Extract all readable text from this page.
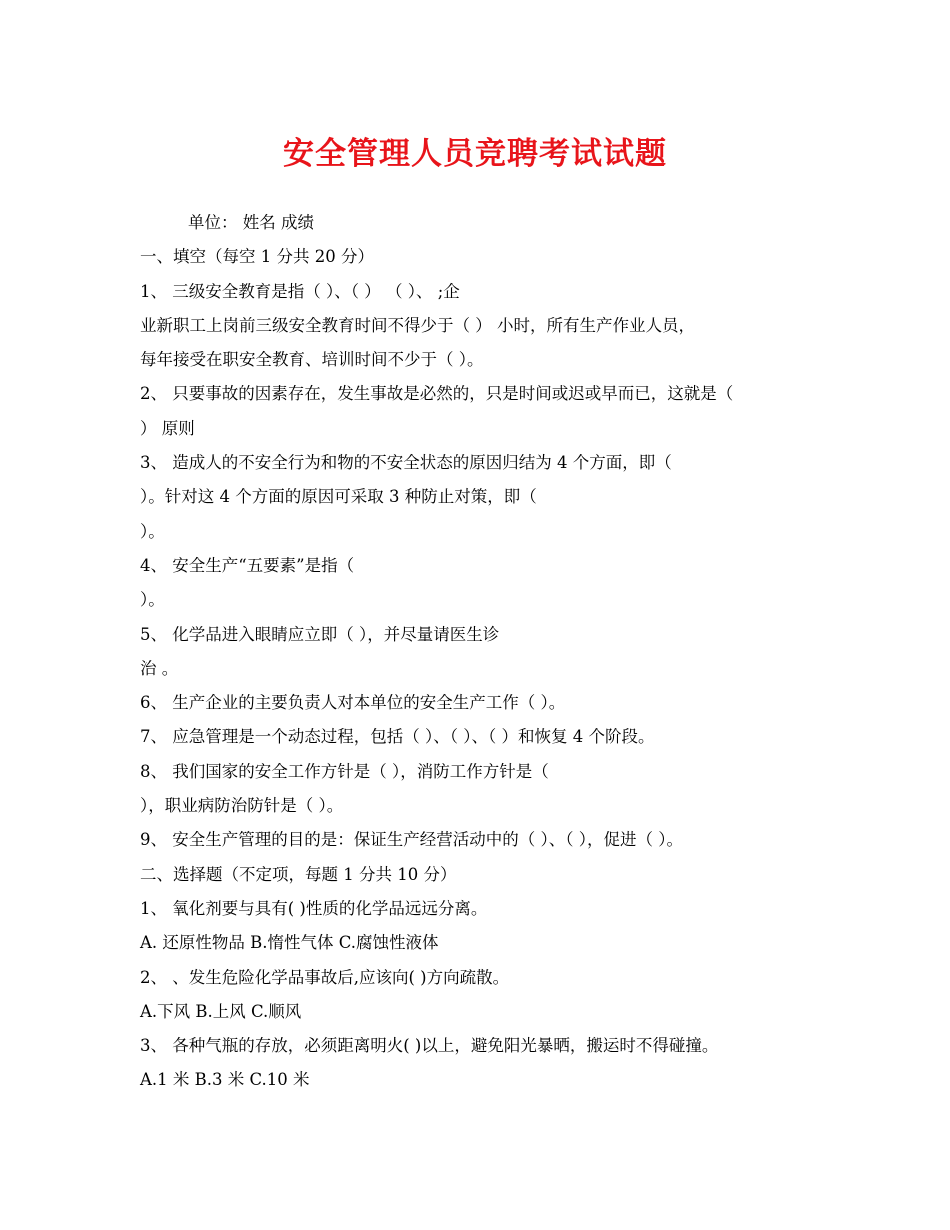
安全管理人员竞聘考试试题
单位： 姓名 成绩
一、填空（每空 1 分共 20 分）
1、 三级安全教育是指（ ）、（ ） （ ）、 ;企
业新职工上岗前三级安全教育时间不得少于（ ） 小时，所有生产作业人员，
每年接受在职安全教育、培训时间不少于（ ）。
2、 只要事故的因素存在，发生事故是必然的，只是时间或迟或早而已，这就是（
） 原则
3、 造成人的不安全行为和物的不安全状态的原因归结为 4 个方面，即（
）。针对这 4 个方面的原因可采取 3 种防止对策，即（
）。
4、 安全生产“五要素”是指（
）。
5、 化学品进入眼睛应立即（ ），并尽量请医生诊
治 。
6、 生产企业的主要负责人对本单位的安全生产工作（ ）。
7、 应急管理是一个动态过程，包括（ ）、（ ）、（ ）和恢复 4 个阶段。
8、 我们国家的安全工作方针是（ ），消防工作方针是（
），职业病防治防针是（ ）。
9、 安全生产管理的目的是：保证生产经营活动中的（ ）、（ ），促进（ ）。
二、选择题（不定项，每题 1 分共 10 分）
1、 氧化剂要与具有( )性质的化学品远远分离。
A. 还原性物品 B.惰性气体 C.腐蚀性液体
2、 、发生危险化学品事故后,应该向( )方向疏散。
A.下风 B.上风 C.顺风
3、 各种气瓶的存放，必须距离明火( )以上，避免阳光暴晒，搬运时不得碰撞。
A.1 米 B.3 米 C.10 米
